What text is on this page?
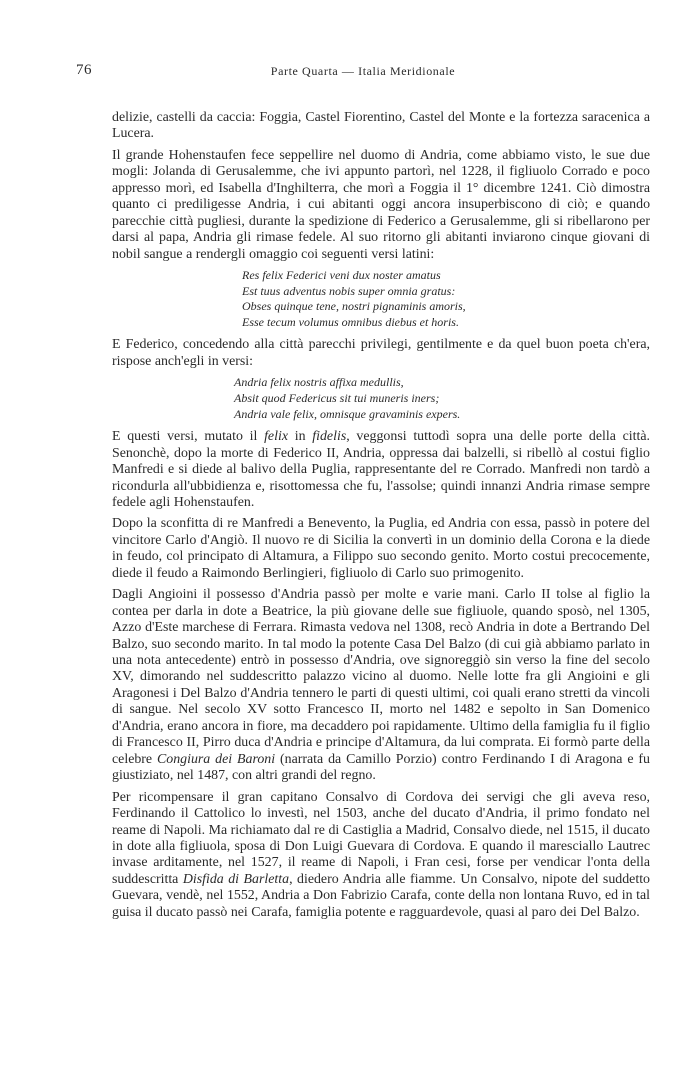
76	Parte Quarta — Italia Meridionale

delizie, castelli da caccia: Foggia, Castel Fiorentino, Castel del Monte e la fortezza saracenica a Lucera.

Il grande Hohenstaufen fece seppellire nel duomo di Andria, come abbiamo visto, le sue due mogli: Jolanda di Gerusalemme, che ivi appunto partorì, nel 1228, il figliuolo Corrado e poco appresso morì, ed Isabella d'Inghilterra, che morì a Foggia il 1° dicembre 1241. Ciò dimostra quanto ci prediligesse Andria, i cui abitanti oggi ancora insuperbiscono di ciò; e quando parecchie città pugliesi, durante la spedizione di Federico a Gerusalemme, gli si ribellarono per darsi al papa, Andria gli rimase fedele. Al suo ritorno gli abitanti inviarono cinque giovani di nobil sangue a rendergli omaggio coi seguenti versi latini:

Res felix Federici veni dux noster amatus
Est tuus adventus nobis super omnia gratus:
Obses quinque tene, nostri pignaminis amoris,
Esse tecum volumus omnibus diebus et horis.

E Federico, concedendo alla città parecchi privilegi, gentilmente e da quel buon poeta ch'era, rispose anch'egli in versi:

Andria felix nostris affixa medullis,
Absit quod Federicus sit tui muneris iners;
Andria vale felix, omnisque gravaminis expers.

E questi versi, mutato il felix in fidelis, veggonsi tuttodì sopra una delle porte della città. Senonchè, dopo la morte di Federico II, Andria, oppressa dai balzelli, si ribellò al costui figlio Manfredi e si diede al balivo della Puglia, rappresentante del re Corrado. Manfredi non tardò a ricondurla all'ubbidienza e, risottomessa che fu, l'assolse; quindi innanzi Andria rimase sempre fedele agli Hohenstaufen.

Dopo la sconfitta di re Manfredi a Benevento, la Puglia, ed Andria con essa, passò in potere del vincitore Carlo d'Angiò. Il nuovo re di Sicilia la convertì in un dominio della Corona e la diede in feudo, col principato di Altamura, a Filippo suo secondo genito. Morto costui precocemente, diede il feudo a Raimondo Berlingieri, figliuolo di Carlo suo primogenito.

Dagli Angioini il possesso d'Andria passò per molte e varie mani. Carlo II tolse al figlio la contea per darla in dote a Beatrice, la più giovane delle sue figliuole, quando sposò, nel 1305, Azzo d'Este marchese di Ferrara. Rimasta vedova nel 1308, recò Andria in dote a Bertrando Del Balzo, suo secondo marito. In tal modo la potente Casa Del Balzo (di cui già abbiamo parlato in una nota antecedente) entrò in possesso d'Andria, ove signoreggiò sin verso la fine del secolo XV, dimorando nel suddescritto palazzo vicino al duomo. Nelle lotte fra gli Angioini e gli Aragonesi i Del Balzo d'Andria tennero le parti di questi ultimi, coi quali erano stretti da vincoli di sangue. Nel secolo XV sotto Francesco II, morto nel 1482 e sepolto in San Domenico d'Andria, erano ancora in fiore, ma decaddero poi rapidamente. Ultimo della famiglia fu il figlio di Francesco II, Pirro duca d'Andria e principe d'Altamura, da lui comprata. Ei formò parte della celebre Congiura dei Baroni (narrata da Camillo Porzio) contro Ferdinando I di Aragona e fu giustiziato, nel 1487, con altri grandi del regno.

Per ricompensare il gran capitano Consalvo di Cordova dei servigi che gli aveva reso, Ferdinando il Cattolico lo investì, nel 1503, anche del ducato d'Andria, il primo fondato nel reame di Napoli. Ma richiamato dal re di Castiglia a Madrid, Consalvo diede, nel 1515, il ducato in dote alla figliuola, sposa di Don Luigi Guevara di Cordova. E quando il maresciallo Lautrec invase arditamente, nel 1527, il reame di Napoli, i Fran cesi, forse per vendicar l'onta della suddescritta Disfida di Barletta, diedero Andria alle fiamme. Un Consalvo, nipote del suddetto Guevara, vendè, nel 1552, Andria a Don Fabrizio Carafa, conte della non lontana Ruvo, ed in tal guisa il ducato passò nei Carafa, famiglia potente e ragguardevole, quasi al paro dei Del Balzo.
